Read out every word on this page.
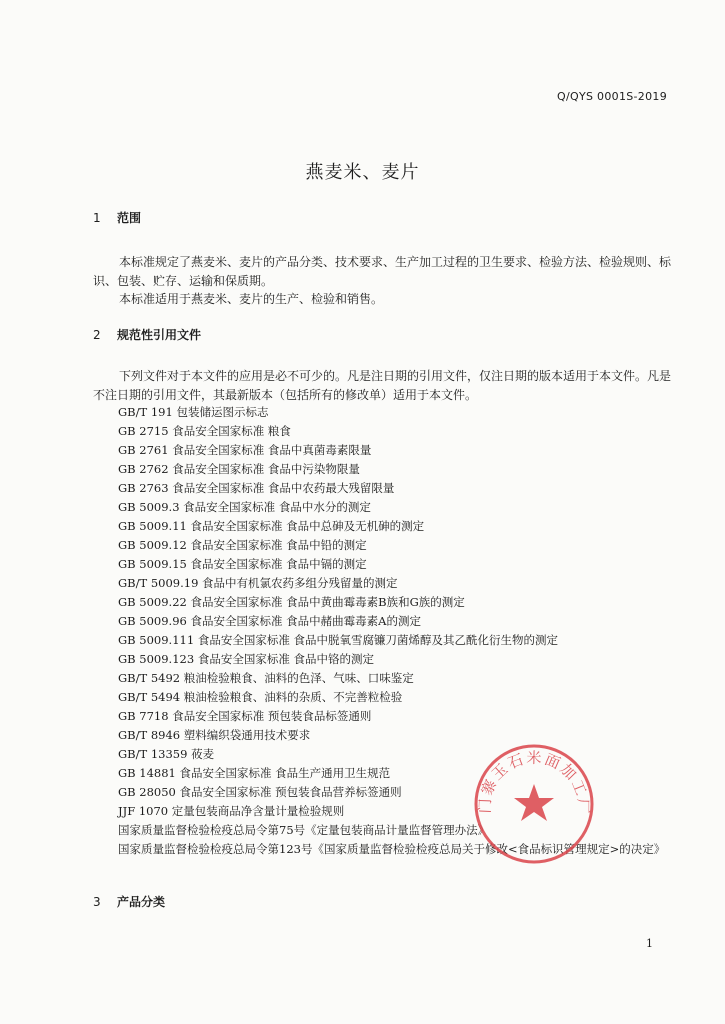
Q/QYS 0001S-2019
燕麦米、麦片
1 范围

本标准规定了燕麦米、麦片的产品分类、技术要求、生产加工过程的卫生要求、检验方法、检验规则、标识、包装、贮存、运输和保质期。

本标准适用于燕麦米、麦片的生产、检验和销售。

2 规范性引用文件

下列文件对于本文件的应用是必不可少的。凡是注日期的引用文件，仅注日期的版本适用于本文件。凡是不注日期的引用文件，其最新版本（包括所有的修改单）适用于本文件。

GB/T 191 包装储运图示标志
GB 2715 食品安全国家标准 粮食
GB 2761 食品安全国家标准 食品中真菌毒素限量
GB 2762 食品安全国家标准 食品中污染物限量
GB 2763 食品安全国家标准 食品中农药最大残留限量
GB 5009.3 食品安全国家标准 食品中水分的测定
GB 5009.11 食品安全国家标准 食品中总砷及无机砷的测定
GB 5009.12 食品安全国家标准 食品中铅的测定
GB 5009.15 食品安全国家标准 食品中镉的测定
GB/T 5009.19 食品中有机氯农药多组分残留量的测定
GB 5009.22 食品安全国家标准 食品中黄曲霉毒素B族和G族的测定
GB 5009.96 食品安全国家标准 食品中赭曲霉毒素A的测定
GB 5009.111 食品安全国家标准 食品中脱氧雪腐镰刀菌烯醇及其乙酰化衍生物的测定
GB 5009.123 食品安全国家标准 食品中铬的测定
GB/T 5492 粮油检验粮食、油料的色泽、气味、口味鉴定
GB/T 5494 粮油检验粮食、油料的杂质、不完善粒检验
GB 7718 食品安全国家标准 预包装食品标签通则
GB/T 8946 塑料编织袋通用技术要求
GB/T 13359 莜麦
GB 14881 食品安全国家标准 食品生产通用卫生规范
GB 28050 食品安全国家标准 预包装食品营养标签通则
JJF 1070 定量包装商品净含量计量检验规则
国家质量监督检验检疫总局令第75号《定量包装商品计量监督管理办法》
国家质量监督检验检疫总局令第123号《国家质量监督检验检疫总局关于修改<食品标识管理规定>的决定》
3 产品分类
门寨玉石米面加工厂
1
